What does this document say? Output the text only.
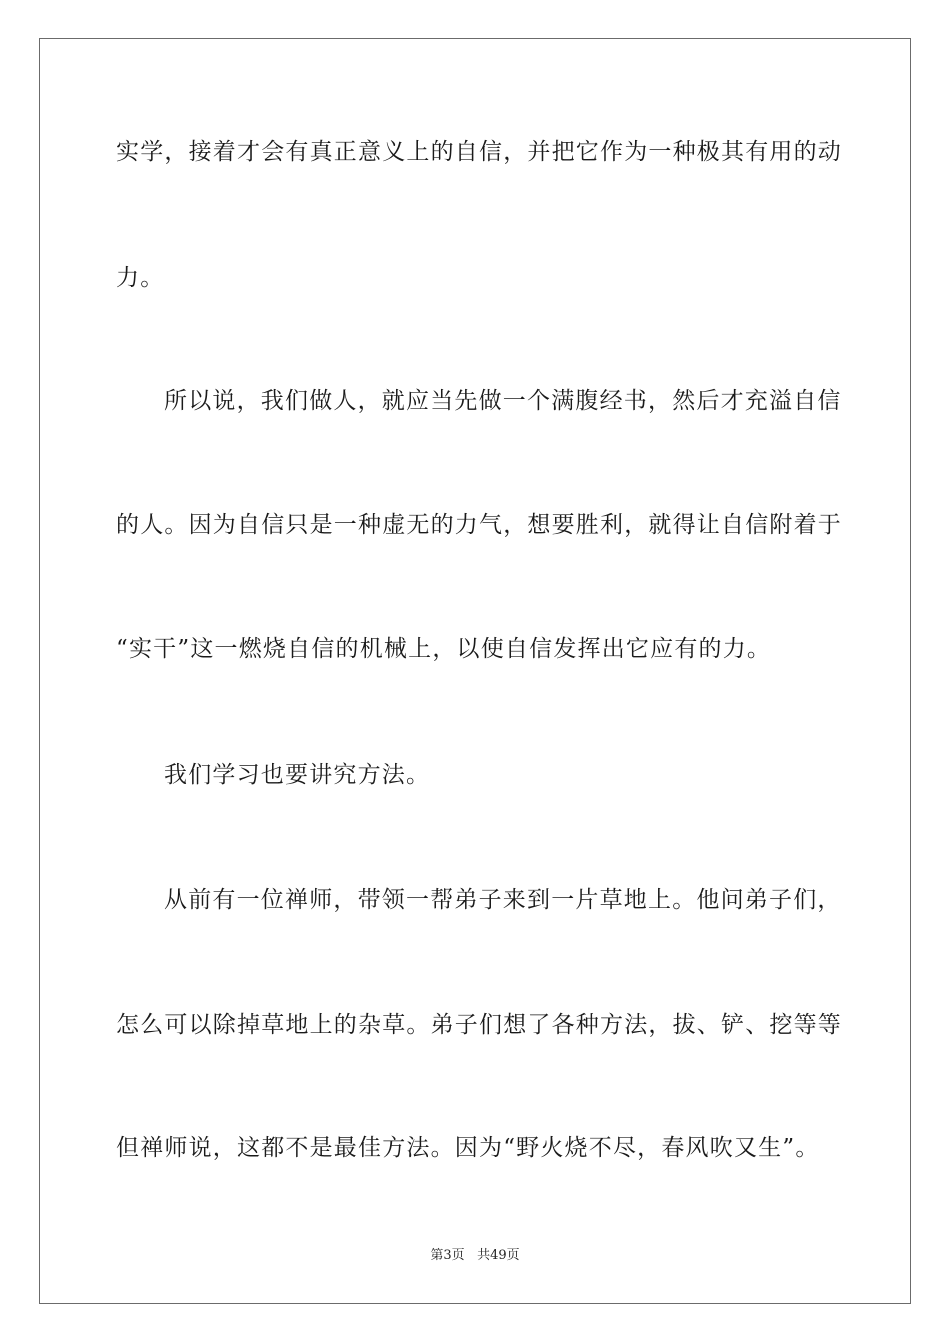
实学，接着才会有真正意义上的自信，并把它作为一种极其有用的动
力。
所以说，我们做人，就应当先做一个满腹经书，然后才充溢自信
的人。因为自信只是一种虚无的力气，想要胜利，就得让自信附着于
“实干”这一燃烧自信的机械上，以使自信发挥出它应有的力。
我们学习也要讲究方法。
从前有一位禅师，带领一帮弟子来到一片草地上。他问弟子们，
怎么可以除掉草地上的杂草。弟子们想了各种方法，拔、铲、挖等等
但禅师说，这都不是最佳方法。因为“野火烧不尽，春风吹又生”。
第3页 共49页
